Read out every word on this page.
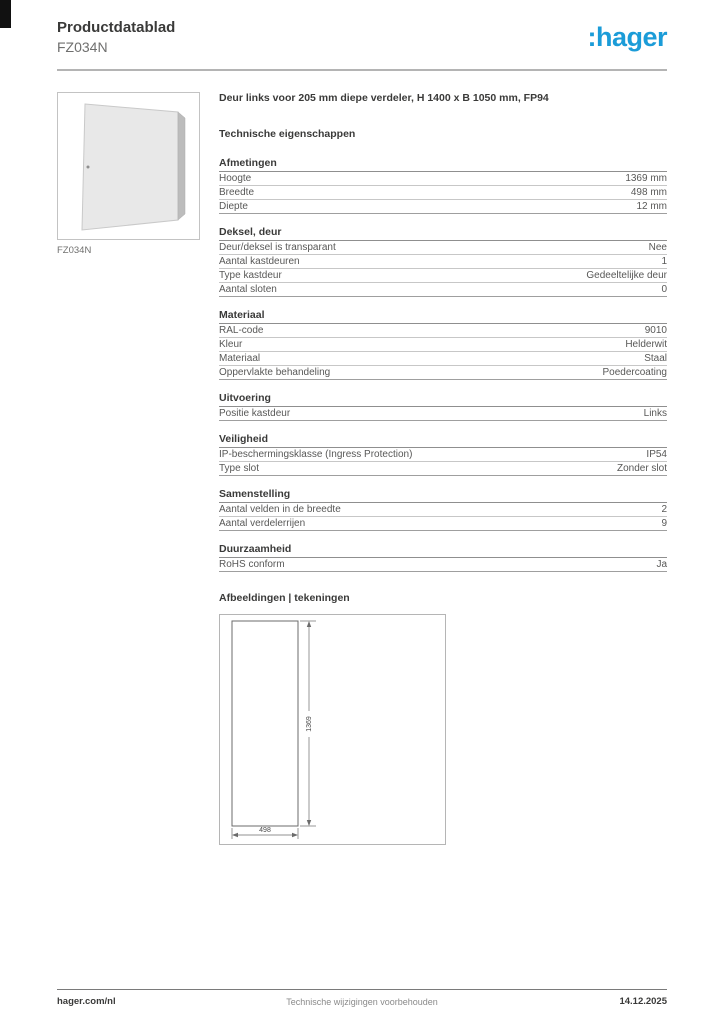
Productdatablad
FZ034N	:hager
FZ034N
Deur links voor 205 mm diepe verdeler, H 1400 x B 1050 mm, FP94
Technische eigenschappen
Afmetingen
Hoogte	1369 mm
Breedte	498 mm
Diepte	12 mm
Deksel, deur
Deur/deksel is transparant	Nee
Aantal kastdeuren	1
Type kastdeur	Gedeeltelijke deur
Aantal sloten	0
Materiaal
RAL-code	9010
Kleur	Helderwit
Materiaal	Staal
Oppervlakte behandeling	Poedercoating
Uitvoering
Positie kastdeur	Links
Veiligheid
IP-beschermingsklasse (Ingress Protection)	IP54
Type slot	Zonder slot
Samenstelling
Aantal velden in de breedte	2
Aantal verdelerrijen	9
Duurzaamheid
RoHS conform	Ja
Afbeeldingen | tekeningen
1369
498
hager.com/nl	Technische wijzigingen voorbehouden	14.12.2025
